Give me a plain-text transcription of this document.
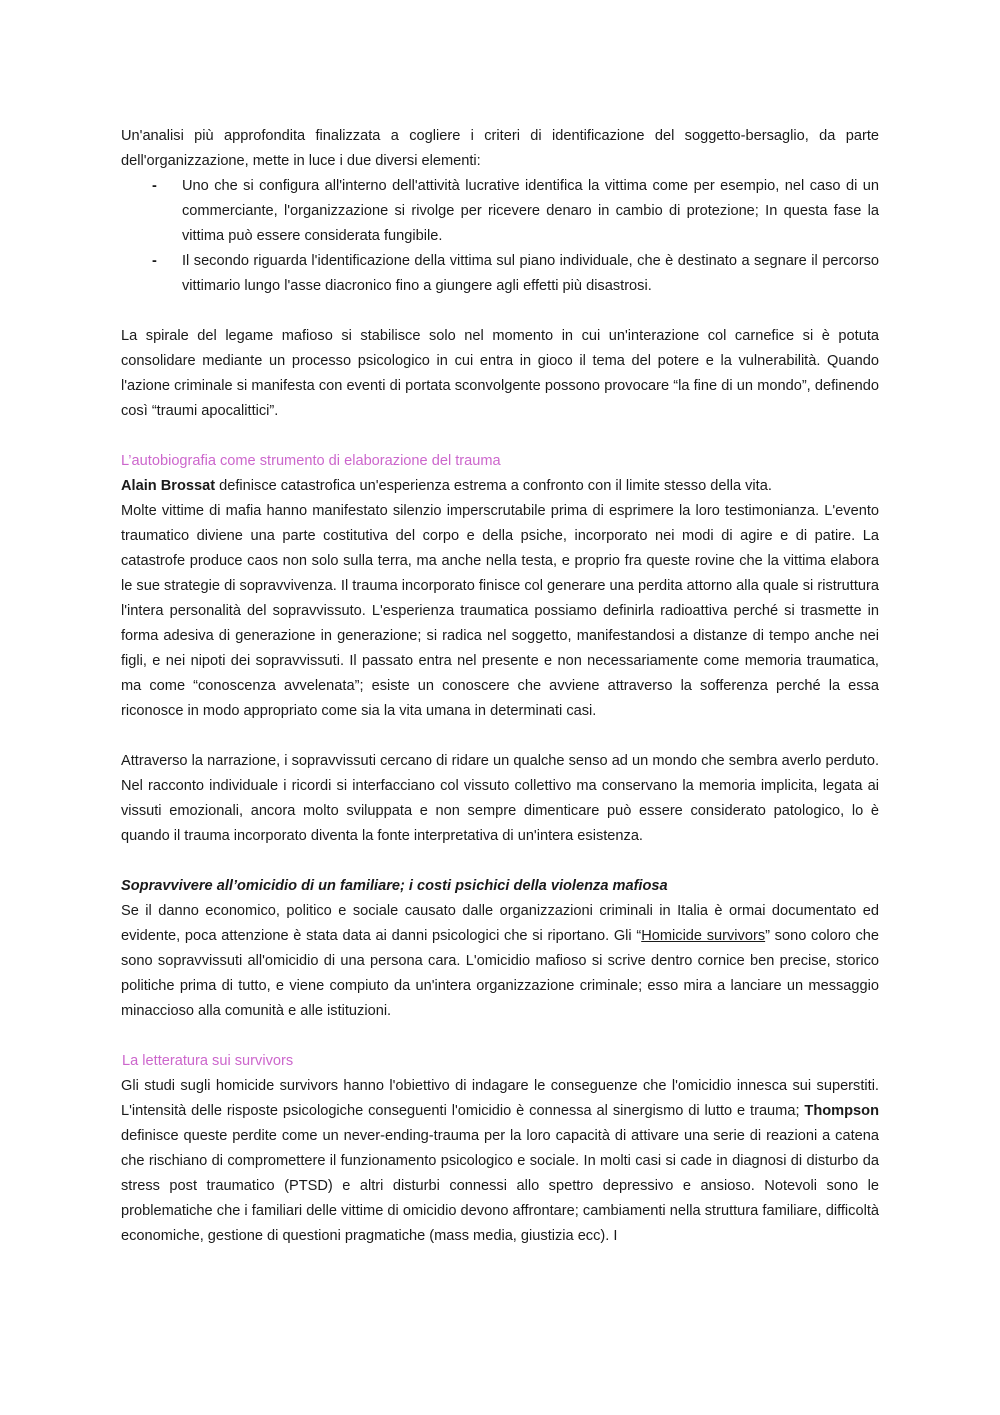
Un'analisi più approfondita finalizzata a cogliere i criteri di identificazione del soggetto-bersaglio, da parte dell'organizzazione, mette in luce i due diversi elementi:

- Uno che si configura all'interno dell'attività lucrative identifica la vittima come per esempio, nel caso di un commerciante, l'organizzazione si rivolge per ricevere denaro in cambio di protezione; In questa fase la vittima può essere considerata fungibile.
- Il secondo riguarda l'identificazione della vittima sul piano individuale, che è destinato a segnare il percorso vittimario lungo l'asse diacronico fino a giungere agli effetti più disastrosi.

La spirale del legame mafioso si stabilisce solo nel momento in cui un'interazione col carnefice si è potuta consolidare mediante un processo psicologico in cui entra in gioco il tema del potere e la vulnerabilità. Quando l'azione criminale si manifesta con eventi di portata sconvolgente possono provocare “la fine di un mondo”, definendo così “traumi apocalittici”.

L’autobiografia come strumento di elaborazione del trauma

Alain Brossat definisce catastrofica un'esperienza estrema a confronto con il limite stesso della vita.

Molte vittime di mafia hanno manifestato silenzio imperscrutabile prima di esprimere la loro testimonianza. L'evento traumatico diviene una parte costitutiva del corpo e della psiche, incorporato nei modi di agire e di patire. La catastrofe produce caos non solo sulla terra, ma anche nella testa, e proprio fra queste rovine che la vittima elabora le sue strategie di sopravvivenza. Il trauma incorporato finisce col generare una perdita attorno alla quale si ristruttura l'intera personalità del sopravvissuto. L'esperienza traumatica possiamo definirla radioattiva perché si trasmette in forma adesiva di generazione in generazione; si radica nel soggetto, manifestandosi a distanze di tempo anche nei figli, e nei nipoti dei sopravvissuti. Il passato entra nel presente e non necessariamente come memoria traumatica, ma come “conoscenza avvelenata”; esiste un conoscere che avviene attraverso la sofferenza perché la essa riconosce in modo appropriato come sia la vita umana in determinati casi.

Attraverso la narrazione, i sopravvissuti cercano di ridare un qualche senso ad un mondo che sembra averlo perduto. Nel racconto individuale i ricordi si interfacciano col vissuto collettivo ma conservano la memoria implicita, legata ai vissuti emozionali, ancora molto sviluppata e non sempre dimenticare può essere considerato patologico, lo è quando il trauma incorporato diventa la fonte interpretativa di un'intera esistenza.

Sopravvivere all’omicidio di un familiare; i costi psichici della violenza mafiosa

Se il danno economico, politico e sociale causato dalle organizzazioni criminali in Italia è ormai documentato ed evidente, poca attenzione è stata data ai danni psicologici che si riportano. Gli “Homicide survivors” sono coloro che sono sopravvissuti all'omicidio di una persona cara. L'omicidio mafioso si scrive dentro cornice ben precise, storico politiche prima di tutto, e viene compiuto da un'intera organizzazione criminale; esso mira a lanciare un messaggio minaccioso alla comunità e alle istituzioni.

La letteratura sui survivors

Gli studi sugli homicide survivors hanno l'obiettivo di indagare le conseguenze che l'omicidio innesca sui superstiti. L'intensità delle risposte psicologiche conseguenti l'omicidio è connessa al sinergismo di lutto e trauma; Thompson definisce queste perdite come un never-ending-trauma per la loro capacità di attivare una serie di reazioni a catena che rischiano di compromettere il funzionamento psicologico e sociale. In molti casi si cade in diagnosi di disturbo da stress post traumatico (PTSD) e altri disturbi connessi allo spettro depressivo e ansioso. Notevoli sono le problematiche che i familiari delle vittime di omicidio devono affrontare; cambiamenti nella struttura familiare, difficoltà economiche, gestione di questioni pragmatiche (mass media, giustizia ecc). I
